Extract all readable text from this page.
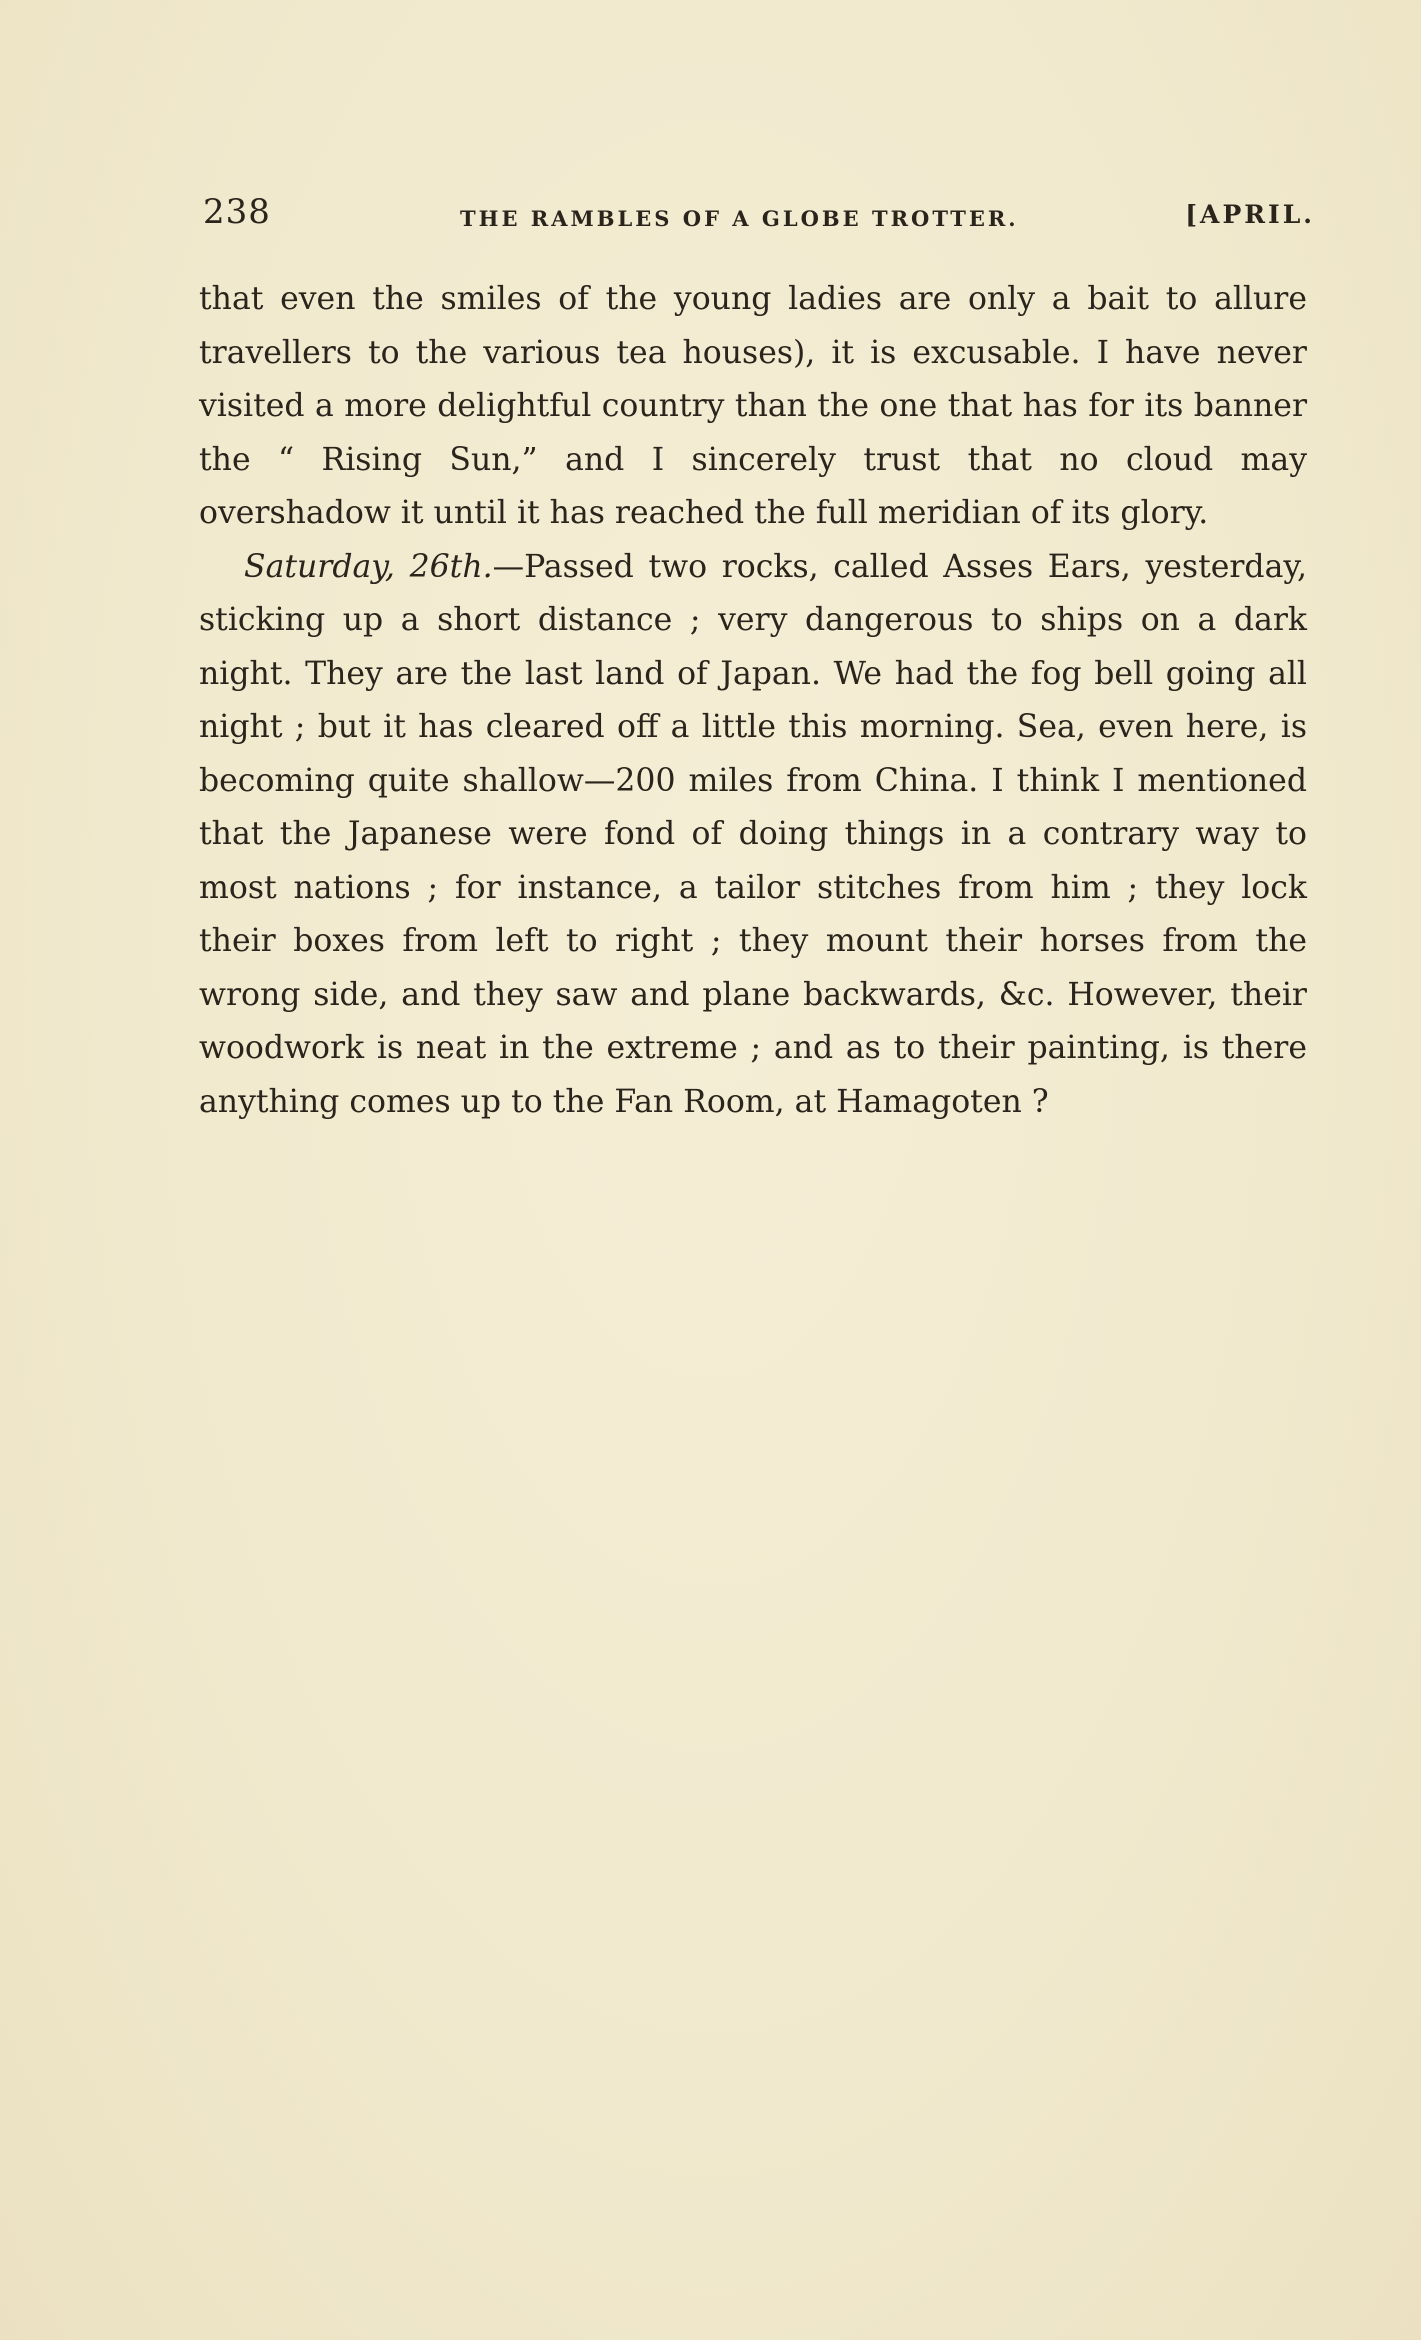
238	THE RAMBLES OF A GLOBE TROTTER.	[APRIL.

that even the smiles of the young ladies are only a bait to allure travellers to the various tea houses), it is excusable. I have never visited a more delightful country than the one that has for its banner the “ Rising Sun,” and I sincerely trust that no cloud may overshadow it until it has reached the full meridian of its glory.

Saturday, 26th.—Passed two rocks, called Asses Ears, yesterday, sticking up a short distance ; very dangerous to ships on a dark night. They are the last land of Japan. We had the fog bell going all night ; but it has cleared off a little this morning. Sea, even here, is becoming quite shallow—200 miles from China. I think I mentioned that the Japanese were fond of doing things in a contrary way to most nations ; for instance, a tailor stitches from him ; they lock their boxes from left to right ; they mount their horses from the wrong side, and they saw and plane backwards, &c. However, their woodwork is neat in the extreme ; and as to their painting, is there anything comes up to the Fan Room, at Hamagoten ?
